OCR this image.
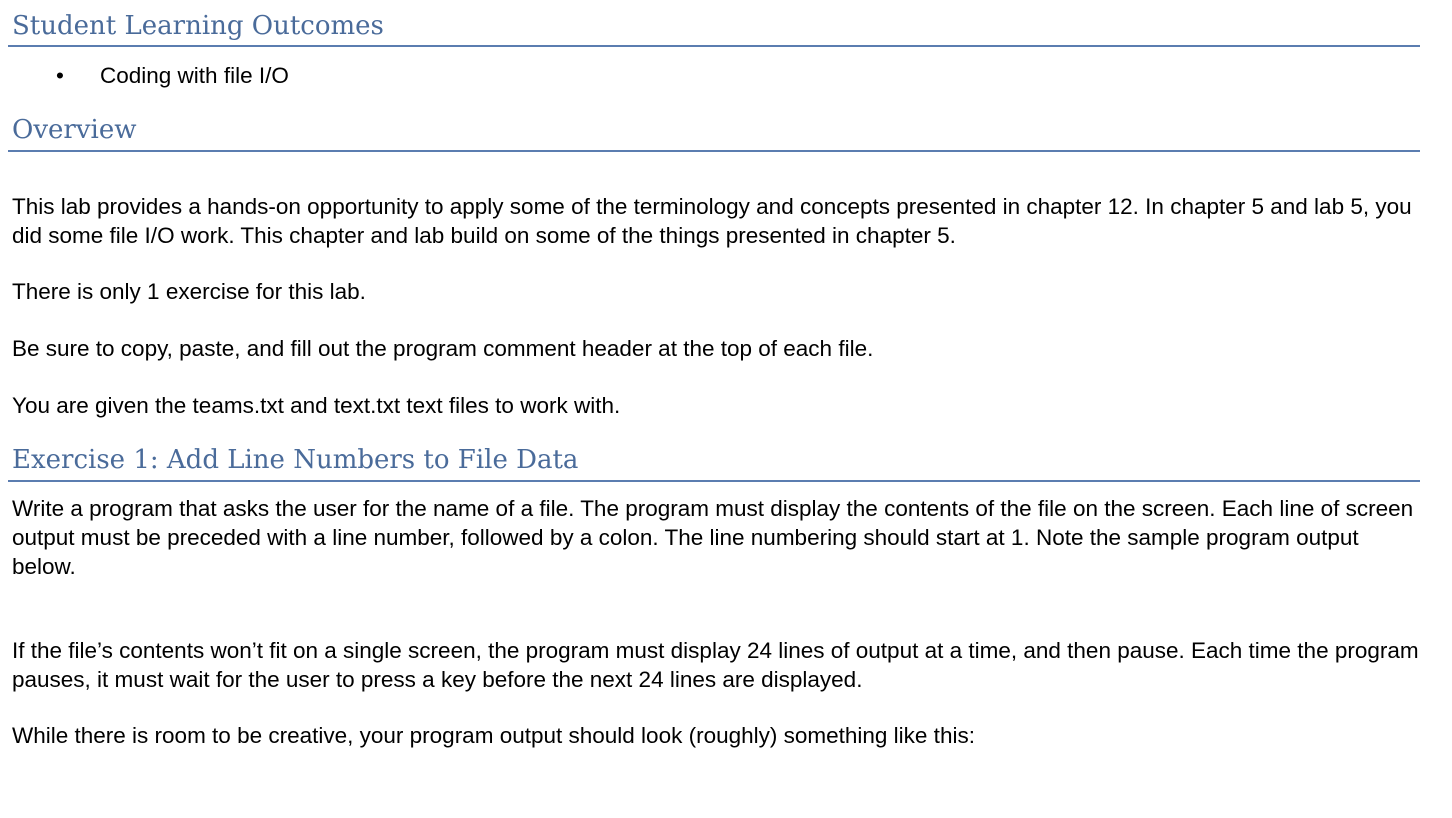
Student Learning Outcomes
• Coding with file I/O
Overview

This lab provides a hands-on opportunity to apply some of the terminology and concepts presented in chapter 12. In chapter 5 and lab 5, you did some file I/O work. This chapter and lab build on some of the things presented in chapter 5.

There is only 1 exercise for this lab.

Be sure to copy, paste, and fill out the program comment header at the top of each file.

You are given the teams.txt and text.txt text files to work with.

Exercise 1: Add Line Numbers to File Data

Write a program that asks the user for the name of a file. The program must display the contents of the file on the screen. Each line of screen output must be preceded with a line number, followed by a colon. The line numbering should start at 1. Note the sample program output below.

If the file’s contents won’t fit on a single screen, the program must display 24 lines of output at a time, and then pause. Each time the program pauses, it must wait for the user to press a key before the next 24 lines are displayed.

While there is room to be creative, your program output should look (roughly) something like this:
